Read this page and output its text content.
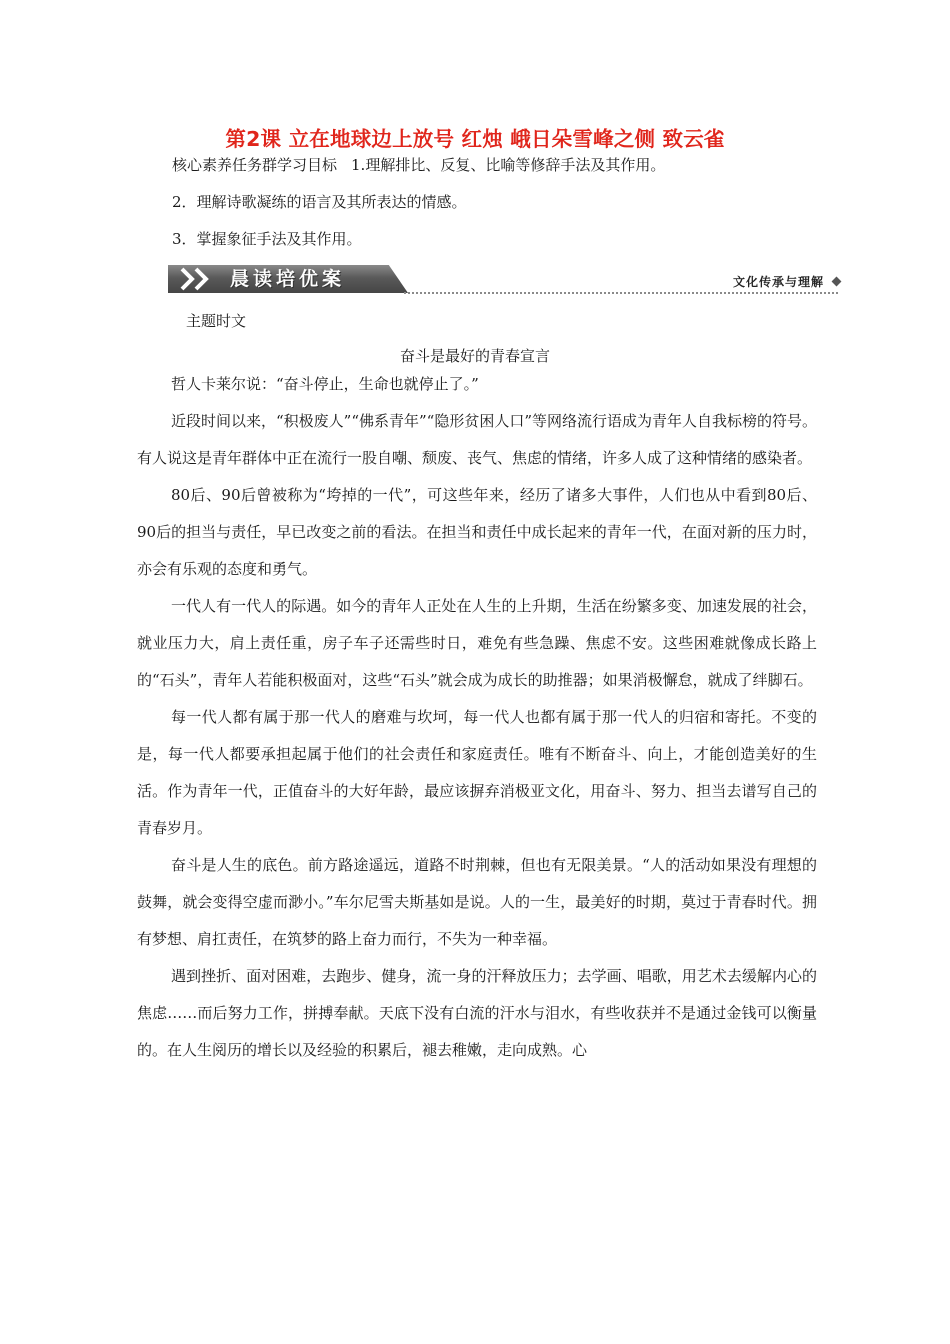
第2课 立在地球边上放号 红烛 峨日朵雪峰之侧 致云雀
核心素养任务群学习目标 1.理解排比、反复、比喻等修辞手法及其作用。
2．理解诗歌凝练的语言及其所表达的情感。
3．掌握象征手法及其作用。
晨读培优案	文化传承与理解
主题时文
奋斗是最好的青春宣言

哲人卡莱尔说：“奋斗停止，生命也就停止了。”

近段时间以来，“积极废人”“佛系青年”“隐形贫困人口”等网络流行语成为青年人自我标榜的符号。有人说这是青年群体中正在流行一股自嘲、颓废、丧气、焦虑的情绪，许多人成了这种情绪的感染者。

80后、90后曾被称为“垮掉的一代”，可这些年来，经历了诸多大事件，人们也从中看到80后、90后的担当与责任，早已改变之前的看法。在担当和责任中成长起来的青年一代，在面对新的压力时，亦会有乐观的态度和勇气。

一代人有一代人的际遇。如今的青年人正处在人生的上升期，生活在纷繁多变、加速发展的社会，就业压力大，肩上责任重，房子车子还需些时日，难免有些急躁、焦虑不安。这些困难就像成长路上的“石头”，青年人若能积极面对，这些“石头”就会成为成长的助推器；如果消极懈怠，就成了绊脚石。

每一代人都有属于那一代人的磨难与坎坷，每一代人也都有属于那一代人的归宿和寄托。不变的是，每一代人都要承担起属于他们的社会责任和家庭责任。唯有不断奋斗、向上，才能创造美好的生活。作为青年一代，正值奋斗的大好年龄，最应该摒弃消极亚文化，用奋斗、努力、担当去谱写自己的青春岁月。

奋斗是人生的底色。前方路途遥远，道路不时荆棘，但也有无限美景。“人的活动如果没有理想的鼓舞，就会变得空虚而渺小。”车尔尼雪夫斯基如是说。人的一生，最美好的时期，莫过于青春时代。拥有梦想、肩扛责任，在筑梦的路上奋力而行，不失为一种幸福。

遇到挫折、面对困难，去跑步、健身，流一身的汗释放压力；去学画、唱歌，用艺术去缓解内心的焦虑……而后努力工作，拼搏奉献。天底下没有白流的汗水与泪水，有些收获并不是通过金钱可以衡量的。在人生阅历的增长以及经验的积累后，褪去稚嫩，走向成熟。心
